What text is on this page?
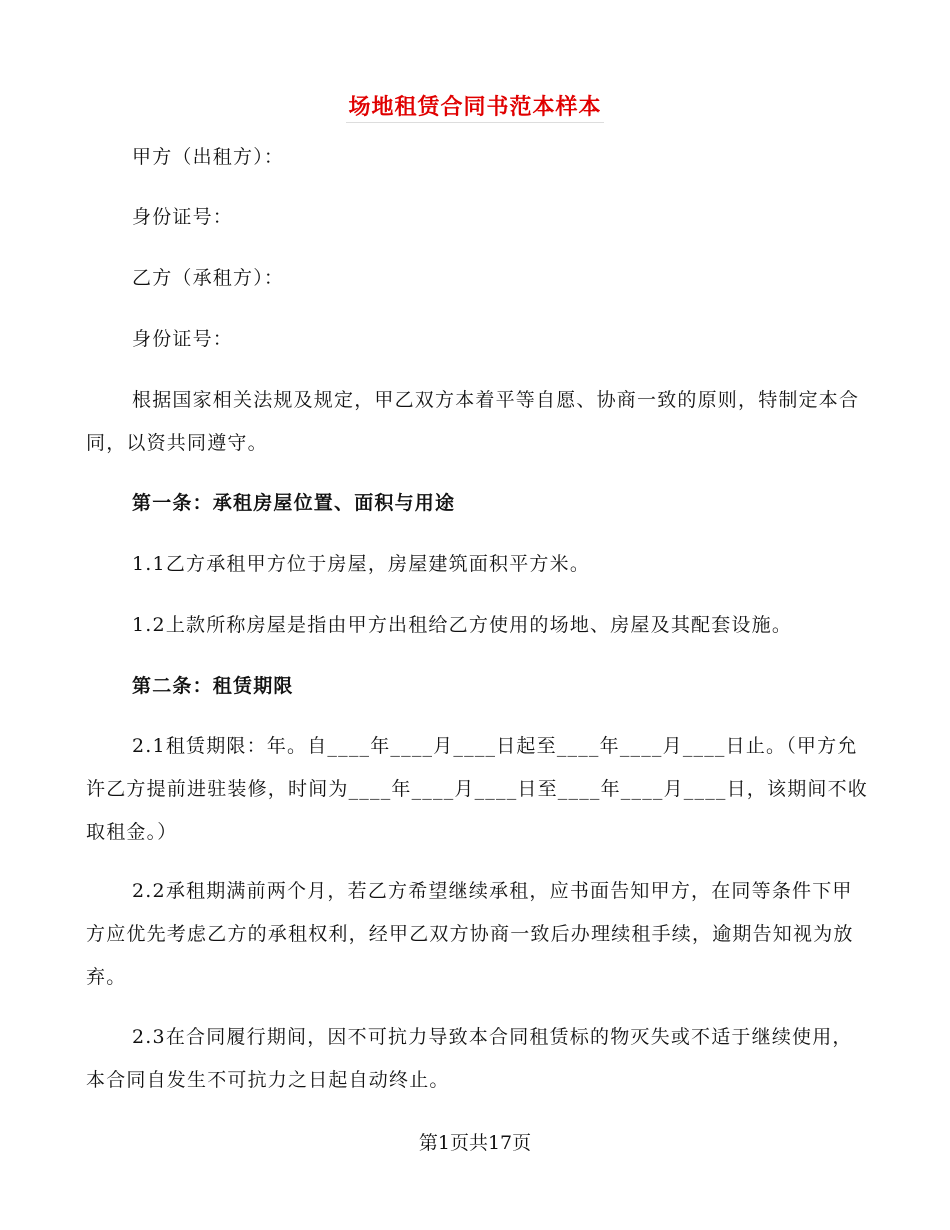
场地租赁合同书范本样本

甲方（出租方）：

身份证号：

乙方（承租方）：

身份证号：

根据国家相关法规及规定，甲乙双方本着平等自愿、协商一致的原则，特制定本合同，以资共同遵守。

第一条：承租房屋位置、面积与用途

1.1乙方承租甲方位于房屋，房屋建筑面积平方米。

1.2上款所称房屋是指由甲方出租给乙方使用的场地、房屋及其配套设施。

第二条：租赁期限

2.1租赁期限：年。自____年____月____日起至____年____月____日止。（甲方允许乙方提前进驻装修，时间为____年____月____日至____年____月____日，该期间不收取租金。）

2.2承租期满前两个月，若乙方希望继续承租，应书面告知甲方，在同等条件下甲方应优先考虑乙方的承租权利，经甲乙双方协商一致后办理续租手续，逾期告知视为放弃。

2.3在合同履行期间，因不可抗力导致本合同租赁标的物灭失或不适于继续使用，本合同自发生不可抗力之日起自动终止。

第1页共17页
